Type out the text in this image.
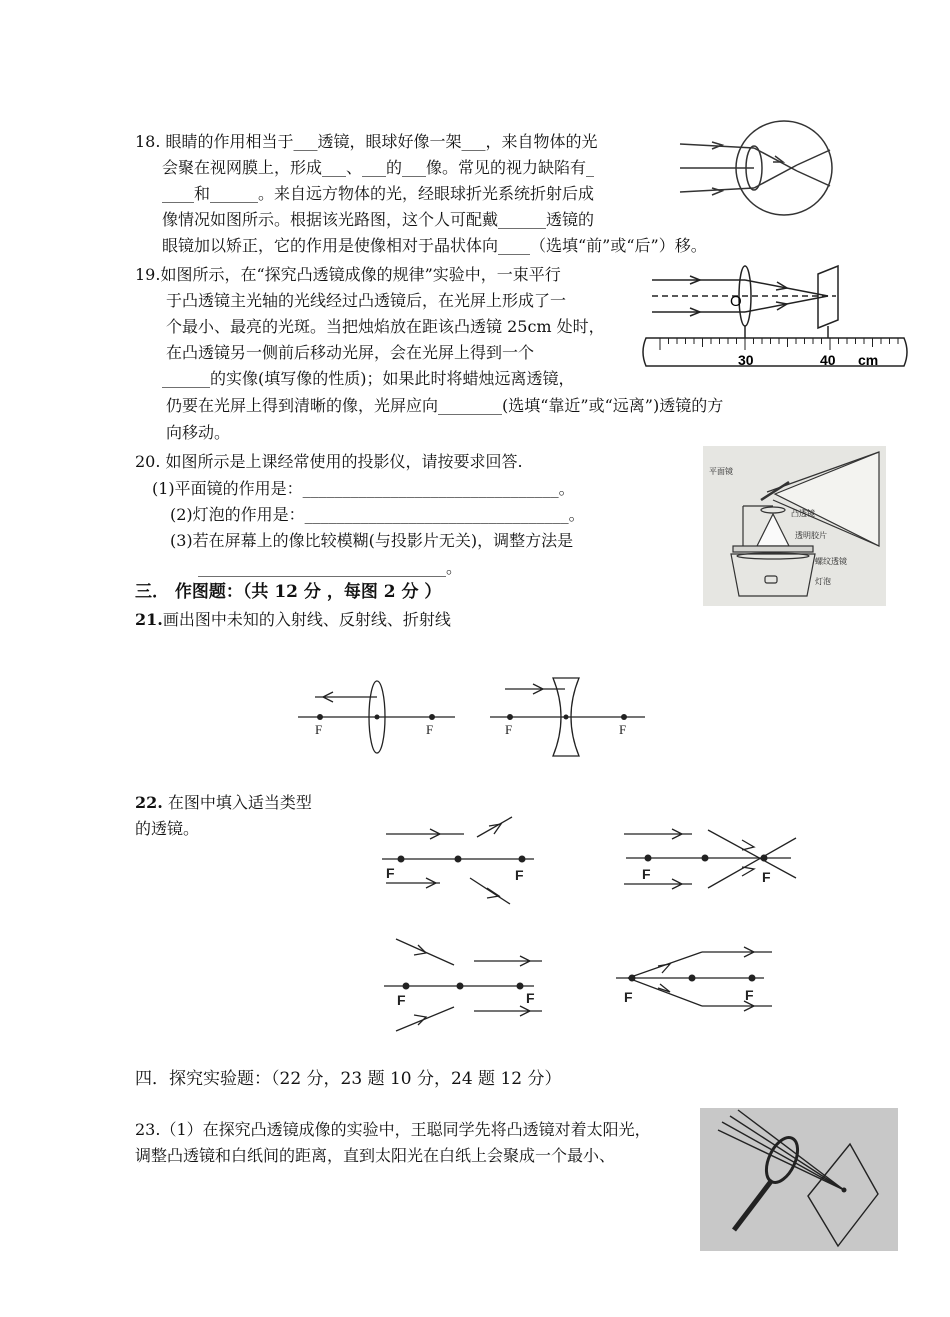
18. 眼睛的作用相当于___透镜，眼球好像一架___，来自物体的光
会聚在视网膜上，形成___、___的___像。常见的视力缺陷有_
____和______。来自远方物体的光，经眼球折光系统折射后成
像情况如图所示。根据该光路图，这个人可配戴______透镜的
眼镜加以矫正，它的作用是使像相对于晶状体向____（选填“前”或“后”）移。
19.如图所示，在“探究凸透镜成像的规律”实验中，一束平行
于凸透镜主光轴的光线经过凸透镜后，在光屏上形成了一
个最小、最亮的光斑。当把烛焰放在距该凸透镜 25cm 处时，
在凸透镜另一侧前后移动光屏，会在光屏上得到一个
______的实像(填写像的性质)；如果此时将蜡烛远离透镜，
仍要在光屏上得到清晰的像，光屏应向________(选填“靠近”或“远离”)透镜的方
向移动。
O
30	40 cm
20. 如图所示是上课经常使用的投影仪，请按要求回答.
(1)平面镜的作用是：________________________________。
(2)灯泡的作用是：_________________________________。
(3)若在屏幕上的像比较模糊(与投影片无关)，调整方法是
_______________________________。
平面镜
凸透镜
透明胶片
螺纹透镜
灯泡
三． 作图题：（共 12 分 ，每图 2 分 ）
21.画出图中未知的入射线、反射线、折射线
F	F	F	F
22. 在图中填入适当类型
的透镜。
F	F	F	F
F	F	F	F
四．探究实验题：（22 分，23 题 10 分，24 题 12 分）
23.（1）在探究凸透镜成像的实验中，王聪同学先将凸透镜对着太阳光，
调整凸透镜和白纸间的距离，直到太阳光在白纸上会聚成一个最小、
